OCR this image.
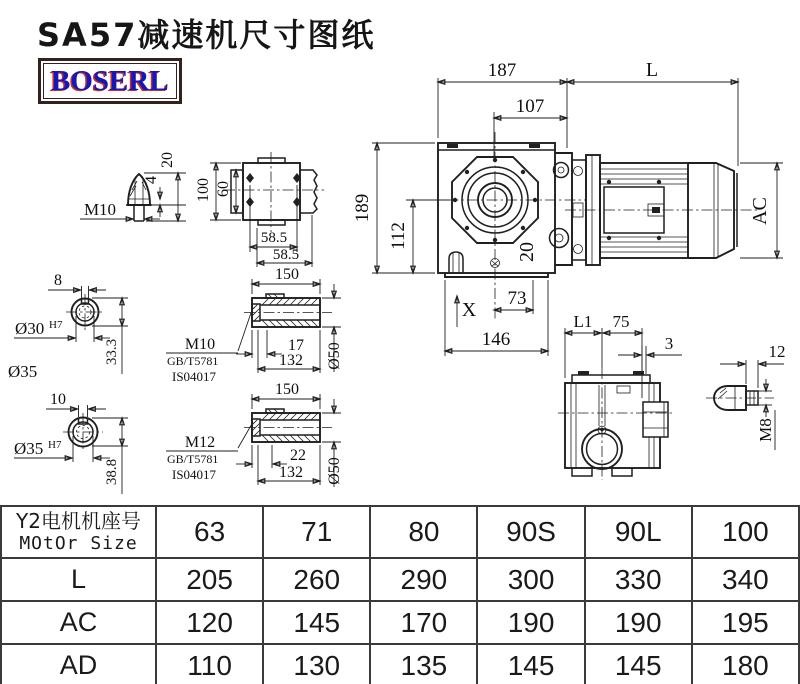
SA57减速机尺寸图纸
BOSERL	187	L
107
189
112
20
X
73
146
AC
M10
4
20
100 60
58.5
58.5
8
Ø30 H7
33.3
Ø35
10
Ø35 H7
38.8
150
17
132 Ø50
M10
GB/T5781
IS04017
150
22
132 Ø50
M12
GB/T5781
IS04017
L1 75
3	12
M8
Y2电机机座号
MOtOr Size	63	71	80	90S	90L	100
L	205	260	290	300	330	340
AC	120	145	170	190	190	195
AD	110	130	135	145	145	180
